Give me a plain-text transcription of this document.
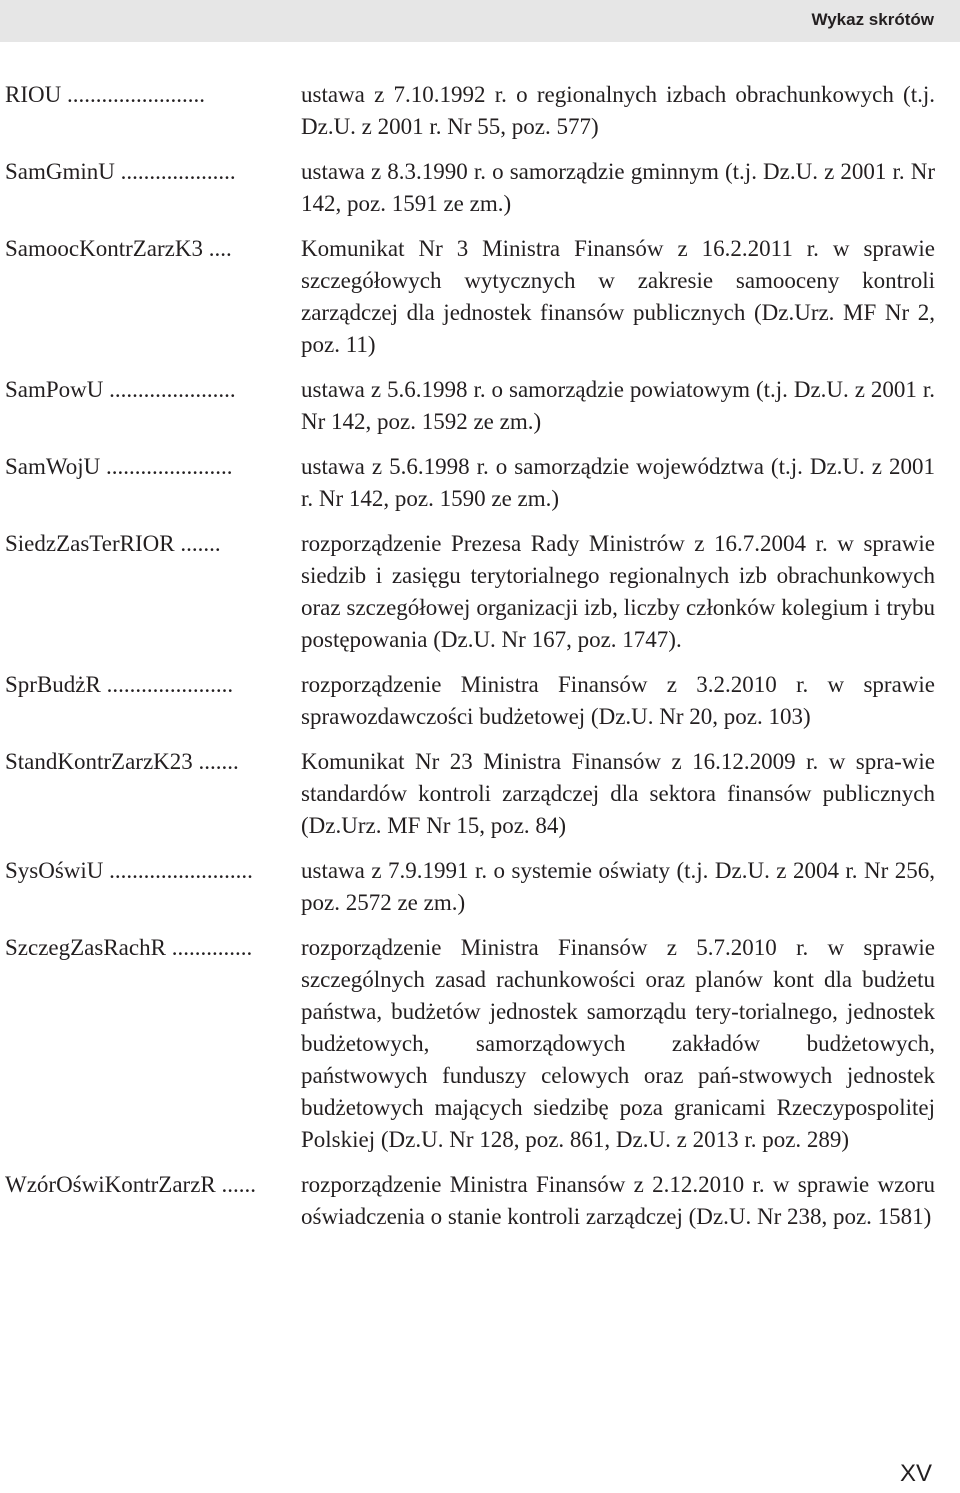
Wykaz skrótów
RIOU ........................	ustawa z 7.10.1992 r. o regionalnych izbach obrachunkowych (t.j. Dz.U. z 2001 r. Nr 55, poz. 577)
SamGminU ....................	ustawa z 8.3.1990 r. o samorządzie gminnym (t.j. Dz.U. z 2001 r. Nr 142, poz. 1591 ze zm.)
SamoocKontrZarzK3 ....	Komunikat Nr 3 Ministra Finansów z 16.2.2011 r. w sprawie szczegółowych wytycznych w zakresie samooceny kontroli zarządczej dla jednostek finansów publicznych (Dz.Urz. MF Nr 2, poz. 11)
SamPowU ......................	ustawa z 5.6.1998 r. o samorządzie powiatowym (t.j. Dz.U. z 2001 r. Nr 142, poz. 1592 ze zm.)
SamWojU ......................	ustawa z 5.6.1998 r. o samorządzie województwa (t.j. Dz.U. z 2001 r. Nr 142, poz. 1590 ze zm.)
SiedzZasTerRIOR .......	rozporządzenie Prezesa Rady Ministrów z 16.7.2004 r. w sprawie siedzib i zasięgu terytorialnego regionalnych izb obrachunkowych oraz szczegółowej organizacji izb, liczby członków kolegium i trybu postępowania (Dz.U. Nr 167, poz. 1747).
SprBudżR ......................	rozporządzenie Ministra Finansów z 3.2.2010 r. w sprawie sprawozdawczości budżetowej (Dz.U. Nr 20, poz. 103)
StandKontrZarzK23 .......	Komunikat Nr 23 Ministra Finansów z 16.12.2009 r. w spra-wie standardów kontroli zarządczej dla sektora finansów publicznych (Dz.Urz. MF Nr 15, poz. 84)
SysOświU .........................	ustawa z 7.9.1991 r. o systemie oświaty (t.j. Dz.U. z 2004 r. Nr 256, poz. 2572 ze zm.)
SzczegZasRachR ..............	rozporządzenie Ministra Finansów z 5.7.2010 r. w sprawie szczególnych zasad rachunkowości oraz planów kont dla budżetu państwa, budżetów jednostek samorządu tery-torialnego, jednostek budżetowych, samorządowych zakładów budżetowych, państwowych funduszy celowych oraz pań-stwowych jednostek budżetowych mających siedzibę poza granicami Rzeczypospolitej Polskiej (Dz.U. Nr 128, poz. 861, Dz.U. z 2013 r. poz. 289)
WzórOświKontrZarzR ......	rozporządzenie Ministra Finansów z 2.12.2010 r. w sprawie wzoru oświadczenia o stanie kontroli zarządczej (Dz.U. Nr 238, poz. 1581)
XV
